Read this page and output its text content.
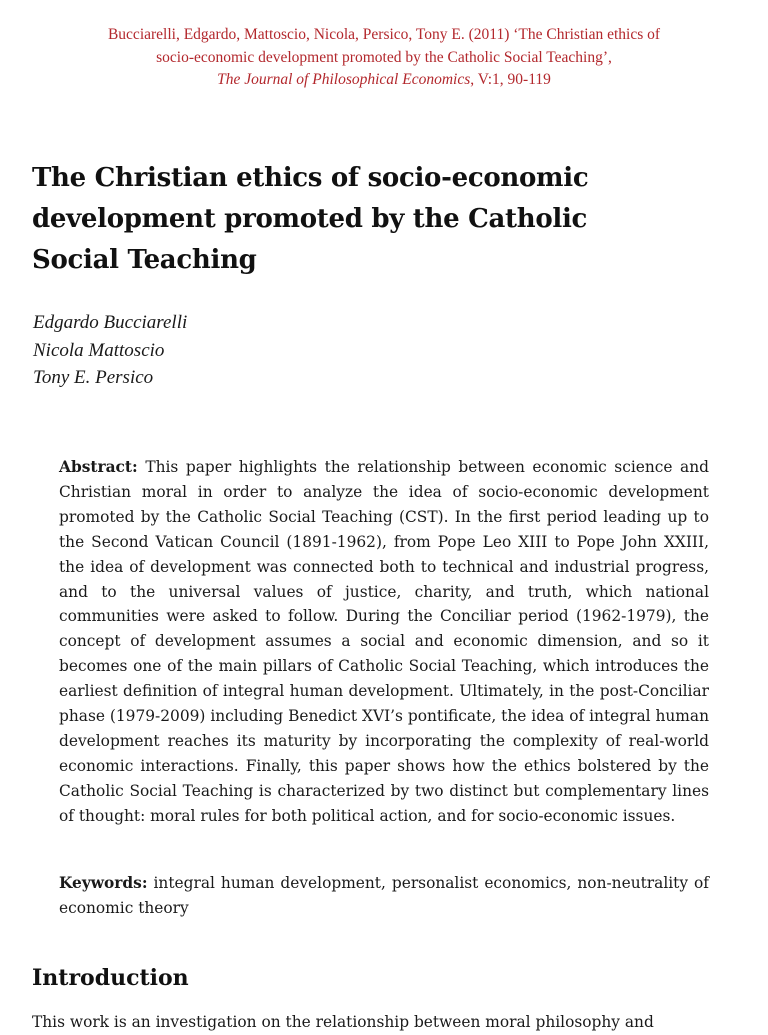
Bucciarelli, Edgardo, Mattoscio, Nicola, Persico, Tony E. (2011) ‘The Christian ethics of
socio-economic development promoted by the Catholic Social Teaching’,
The Journal of Philosophical Economics, V:1, 90-119
The Christian ethics of socio-economic development promoted by the Catholic Social Teaching
Edgardo Bucciarelli
Nicola Mattoscio
Tony E. Persico

Abstract: This paper highlights the relationship between economic science and Christian moral in order to analyze the idea of socio-economic development promoted by the Catholic Social Teaching (CST). In the first period leading up to the Second Vatican Council (1891-1962), from Pope Leo XIII to Pope John XXIII, the idea of development was connected both to technical and industrial progress, and to the universal values of justice, charity, and truth, which national communities were asked to follow. During the Conciliar period (1962-1979), the concept of development assumes a social and economic dimension, and so it becomes one of the main pillars of Catholic Social Teaching, which introduces the earliest definition of integral human development. Ultimately, in the post-Conciliar phase (1979-2009) including Benedict XVI’s pontificate, the idea of integral human development reaches its maturity by incorporating the complexity of real-world economic interactions. Finally, this paper shows how the ethics bolstered by the Catholic Social Teaching is characterized by two distinct but complementary lines of thought: moral rules for both political action, and for socio-economic issues.

Keywords: integral human development, personalist economics, non-neutrality of economic theory

Introduction

This work is an investigation on the relationship between moral philosophy and
